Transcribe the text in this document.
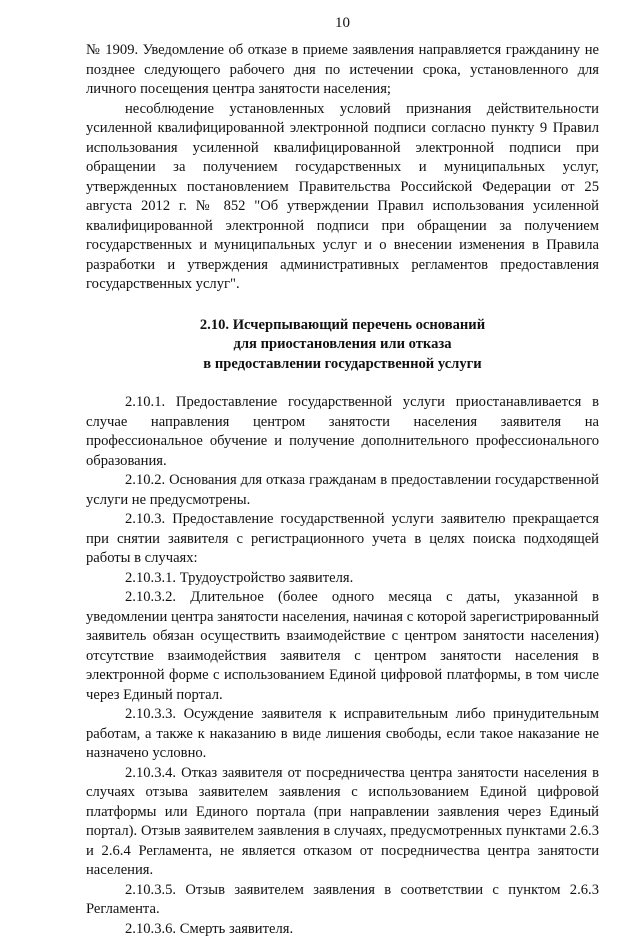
10

№ 1909. Уведомление об отказе в приеме заявления направляется гражданину не позднее следующего рабочего дня по истечении срока, установленного для личного посещения центра занятости населения;

несоблюдение установленных условий признания действительности усиленной квалифицированной электронной подписи согласно пункту 9 Правил использования усиленной квалифицированной электронной подписи при обращении за получением государственных и муниципальных услуг, утвержденных постановлением Правительства Российской Федерации от 25 августа 2012 г. № 852 "Об утверждении Правил использования усиленной квалифицированной электронной подписи при обращении за получением государственных и муниципальных услуг и о внесении изменения в Правила разработки и утверждения административных регламентов предоставления государственных услуг".

2.10. Исчерпывающий перечень оснований
для приостановления или отказа
в предоставлении государственной услуги

2.10.1. Предоставление государственной услуги приостанавливается в случае направления центром занятости населения заявителя на профессиональное обучение и получение дополнительного профессионального образования.

2.10.2. Основания для отказа гражданам в предоставлении государственной услуги не предусмотрены.

2.10.3. Предоставление государственной услуги заявителю прекращается при снятии заявителя с регистрационного учета в целях поиска подходящей работы в случаях:

2.10.3.1. Трудоустройство заявителя.

2.10.3.2. Длительное (более одного месяца с даты, указанной в уведомлении центра занятости населения, начиная с которой зарегистрированный заявитель обязан осуществить взаимодействие с центром занятости населения) отсутствие взаимодействия заявителя с центром занятости населения в электронной форме с использованием Единой цифровой платформы, в том числе через Единый портал.

2.10.3.3. Осуждение заявителя к исправительным либо принудительным работам, а также к наказанию в виде лишения свободы, если такое наказание не назначено условно.

2.10.3.4. Отказ заявителя от посредничества центра занятости населения в случаях отзыва заявителем заявления с использованием Единой цифровой платформы или Единого портала (при направлении заявления через Единый портал). Отзыв заявителем заявления в случаях, предусмотренных пунктами 2.6.3 и 2.6.4 Регламента, не является отказом от посредничества центра занятости населения.

2.10.3.5. Отзыв заявителем заявления в соответствии с пунктом 2.6.3 Регламента.

2.10.3.6. Смерть заявителя.
